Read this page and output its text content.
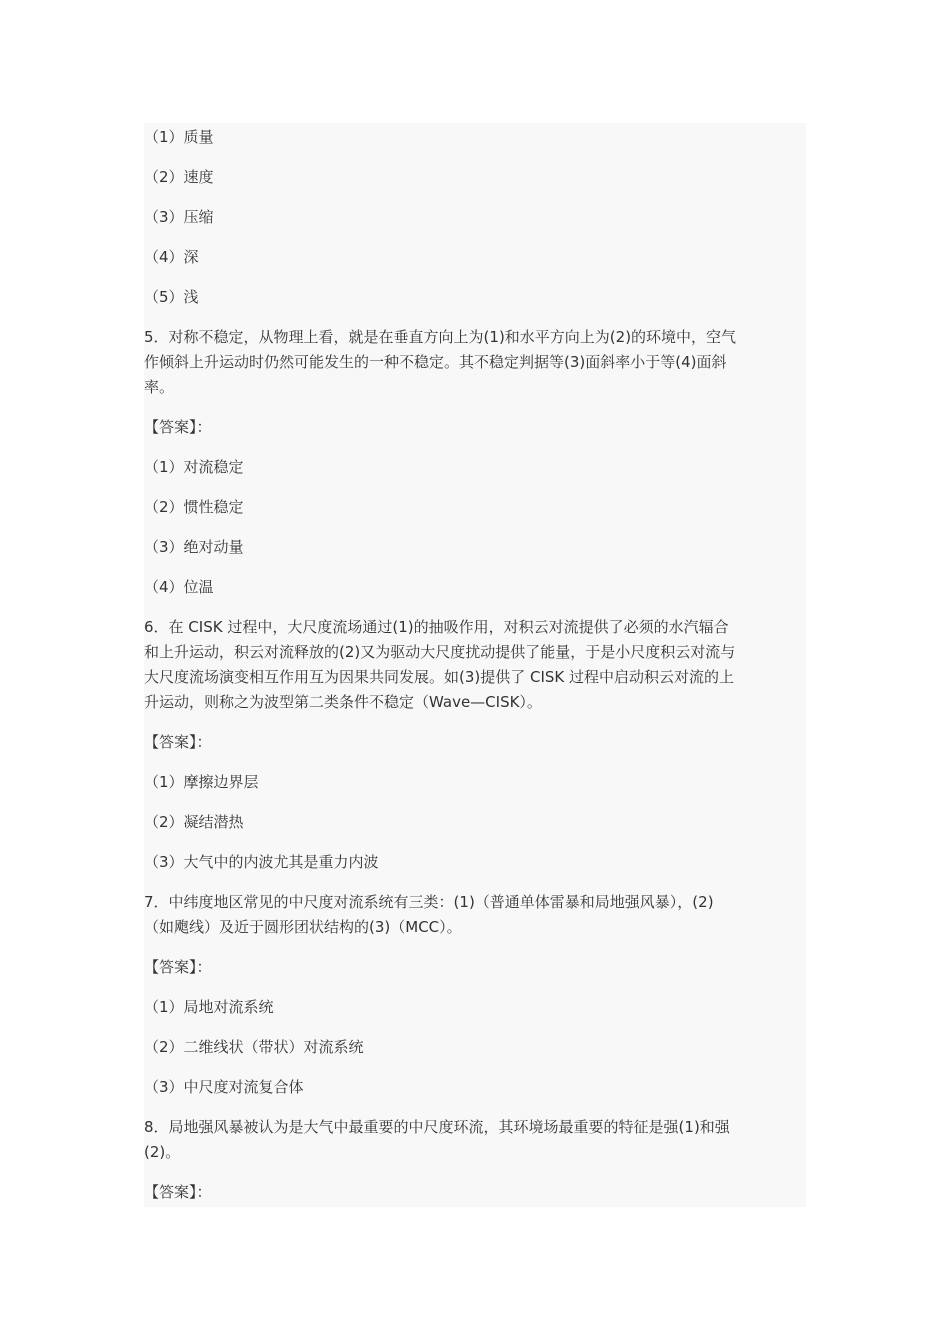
（1）质量

（2）速度

（3）压缩

（4）深

（5）浅

5．对称不稳定，从物理上看，就是在垂直方向上为(1)和水平方向上为(2)的环境中，空气

作倾斜上升运动时仍然可能发生的一种不稳定。其不稳定判据等(3)面斜率小于等(4)面斜

率。

【答案】：

（1）对流稳定

（2）惯性稳定

（3）绝对动量

（4）位温

6．在 CISK 过程中，大尺度流场通过(1)的抽吸作用，对积云对流提供了必须的水汽辐合

和上升运动，积云对流释放的(2)又为驱动大尺度扰动提供了能量，于是小尺度积云对流与

大尺度流场演变相互作用互为因果共同发展。如(3)提供了 CISK 过程中启动积云对流的上

升运动，则称之为波型第二类条件不稳定（Wave—CISK）。

【答案】：

（1）摩擦边界层

（2）凝结潜热

（3）大气中的内波尤其是重力内波

7．中纬度地区常见的中尺度对流系统有三类：(1)（普通单体雷暴和局地强风暴），(2)

（如飑线）及近于圆形团状结构的(3)（MCC）。

【答案】：

（1）局地对流系统

（2）二维线状（带状）对流系统

（3）中尺度对流复合体

8．局地强风暴被认为是大气中最重要的中尺度环流，其环境场最重要的特征是强(1)和强

(2)。

【答案】：
